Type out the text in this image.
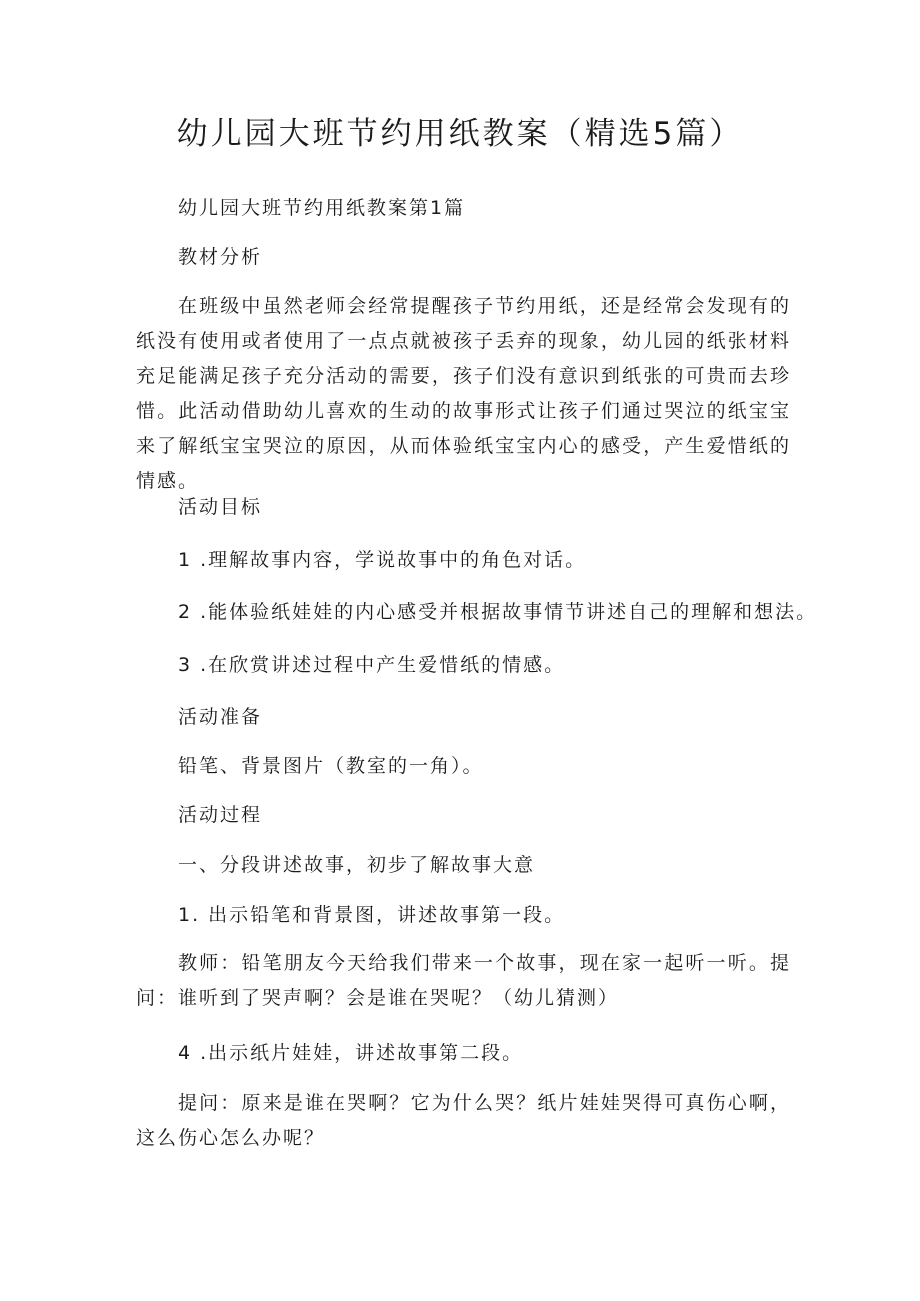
幼儿园大班节约用纸教案（精选5篇）
幼儿园大班节约用纸教案第1篇
教材分析
在班级中虽然老师会经常提醒孩子节约用纸，还是经常会发现有的纸没有使用或者使用了一点点就被孩子丢弃的现象，幼儿园的纸张材料充足能满足孩子充分活动的需要，孩子们没有意识到纸张的可贵而去珍惜。此活动借助幼儿喜欢的生动的故事形式让孩子们通过哭泣的纸宝宝来了解纸宝宝哭泣的原因，从而体验纸宝宝内心的感受，产生爱惜纸的情感。
活动目标
1 .理解故事内容，学说故事中的角色对话。
2 .能体验纸娃娃的内心感受并根据故事情节讲述自己的理解和想法。
3 .在欣赏讲述过程中产生爱惜纸的情感。
活动准备
铅笔、背景图片（教室的一角）。
活动过程
一、分段讲述故事，初步了解故事大意
1. 出示铅笔和背景图，讲述故事第一段。
教师：铅笔朋友今天给我们带来一个故事，现在家一起听一听。提问：谁听到了哭声啊？会是谁在哭呢？（幼儿猜测）
4 .出示纸片娃娃，讲述故事第二段。
提问：原来是谁在哭啊？它为什么哭？纸片娃娃哭得可真伤心啊，这么伤心怎么办呢？
